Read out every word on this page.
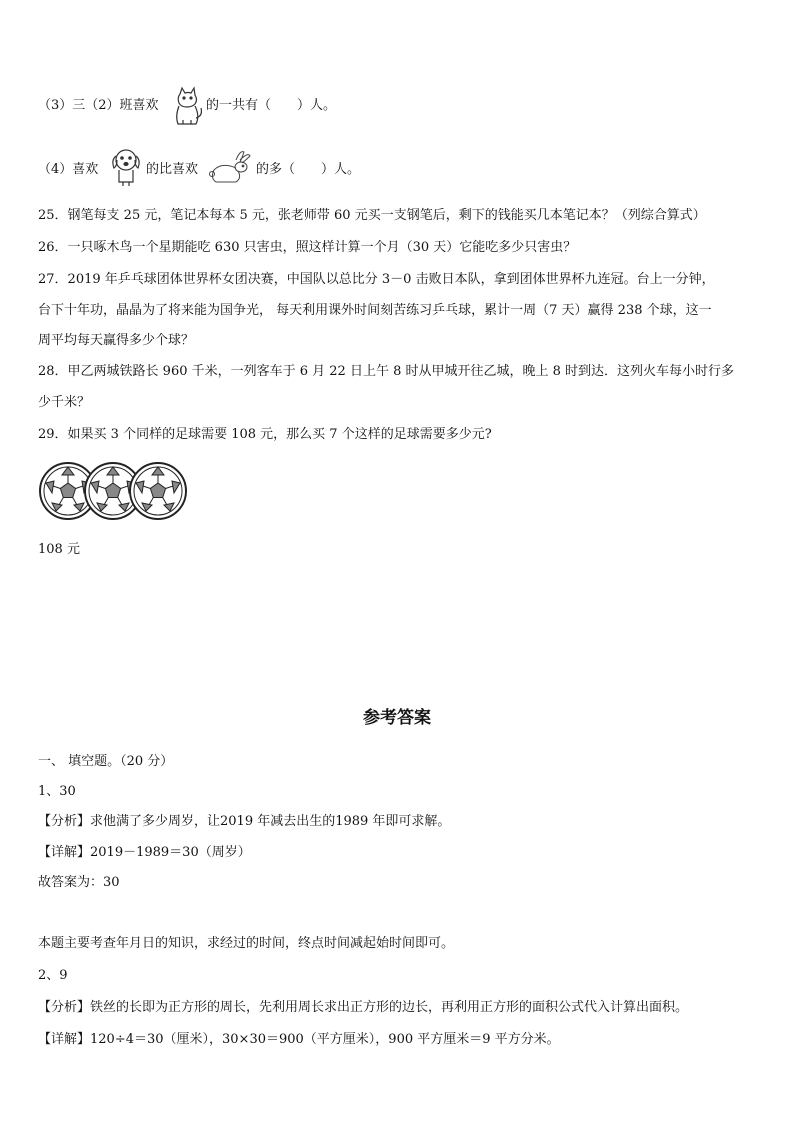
（3）三（2）班喜欢	的一共有（　　）人。
（4）喜欢	的比喜欢	的多（　　）人。
25．钢笔每支 25 元，笔记本每本 5 元，张老师带 60 元买一支钢笔后，剩下的钱能买几本笔记本？（列综合算式）
26．一只啄木鸟一个星期能吃 630 只害虫，照这样计算一个月（30 天）它能吃多少只害虫？
27．2019 年乒乓球团体世界杯女团决赛，中国队以总比分 3－0 击败日本队，拿到团体世界杯九连冠。台上一分钟，
台下十年功，晶晶为了将来能为国争光， 每天利用课外时间刻苦练习乒乓球，累计一周（7 天）赢得 238 个球，这一
周平均每天赢得多少个球？
28．甲乙两城铁路长 960 千米，一列客车于 6 月 22 日上午 8 时从甲城开往乙城，晚上 8 时到达．这列火车每小时行多
少千米？
29．如果买 3 个同样的足球需要 108 元，那么买 7 个这样的足球需要多少元?
108 元
参考答案
一、 填空题。（20 分）
1、30
【分析】求他满了多少周岁，让2019 年减去出生的1989 年即可求解。
【详解】2019－1989＝30（周岁）
故答案为：30
本题主要考查年月日的知识，求经过的时间，终点时间减起始时间即可。
2、9
【分析】铁丝的长即为正方形的周长，先利用周长求出正方形的边长，再利用正方形的面积公式代入计算出面积。
【详解】120÷4＝30（厘米），30×30＝900（平方厘米），900 平方厘米＝9 平方分米。
